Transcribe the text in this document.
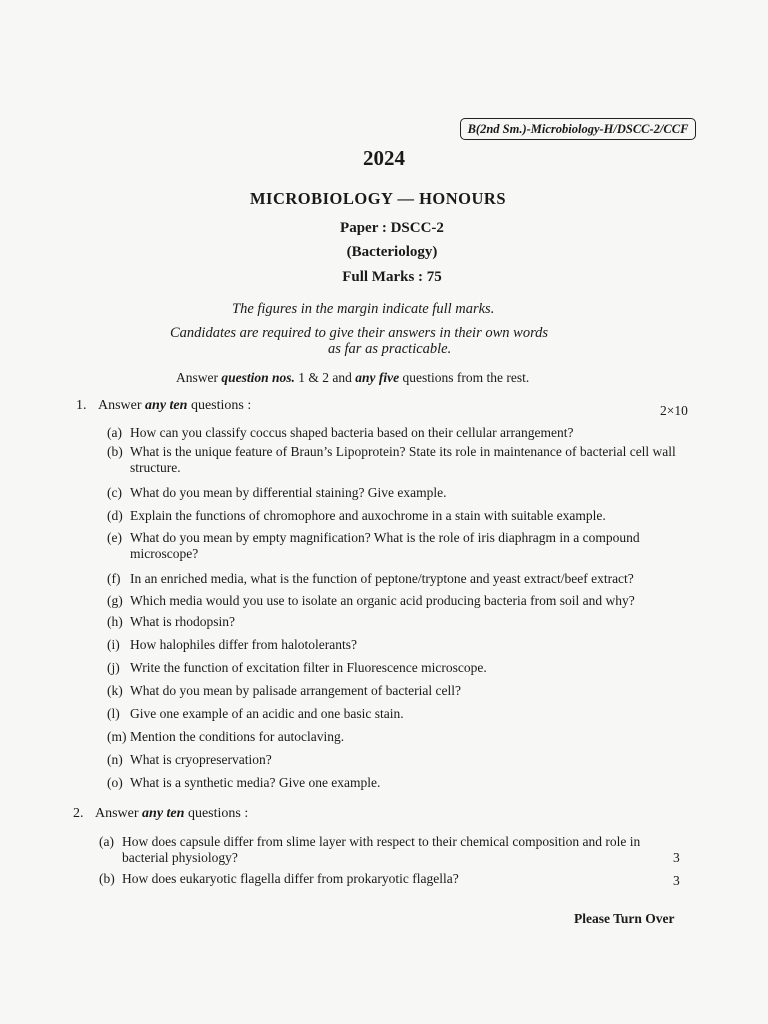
B(2nd Sm.)-Microbiology-H/DSCC-2/CCF
2024
MICROBIOLOGY — HONOURS
Paper : DSCC-2
(Bacteriology)
Full Marks : 75
The figures in the margin indicate full marks.
Candidates are required to give their answers in their own words
as far as practicable.
Answer question nos. 1 & 2 and any five questions from the rest.
1. Answer any ten questions :	2×10
(a) How can you classify coccus shaped bacteria based on their cellular arrangement?
(b) What is the unique feature of Braun’s Lipoprotein? State its role in maintenance of bacterial cell wall structure.
(c) What do you mean by differential staining? Give example.
(d) Explain the functions of chromophore and auxochrome in a stain with suitable example.
(e) What do you mean by empty magnification? What is the role of iris diaphragm in a compound microscope?
(f) In an enriched media, what is the function of peptone/tryptone and yeast extract/beef extract?
(g) Which media would you use to isolate an organic acid producing bacteria from soil and why?
(h) What is rhodopsin?
(i) How halophiles differ from halotolerants?
(j) Write the function of excitation filter in Fluorescence microscope.
(k) What do you mean by palisade arrangement of bacterial cell?
(l) Give one example of an acidic and one basic stain.
(m) Mention the conditions for autoclaving.
(n) What is cryopreservation?
(o) What is a synthetic media? Give one example.
2. Answer any ten questions :
(a) How does capsule differ from slime layer with respect to their chemical composition and role in bacterial physiology?	3
(b) How does eukaryotic flagella differ from prokaryotic flagella?	3
Please Turn Over
